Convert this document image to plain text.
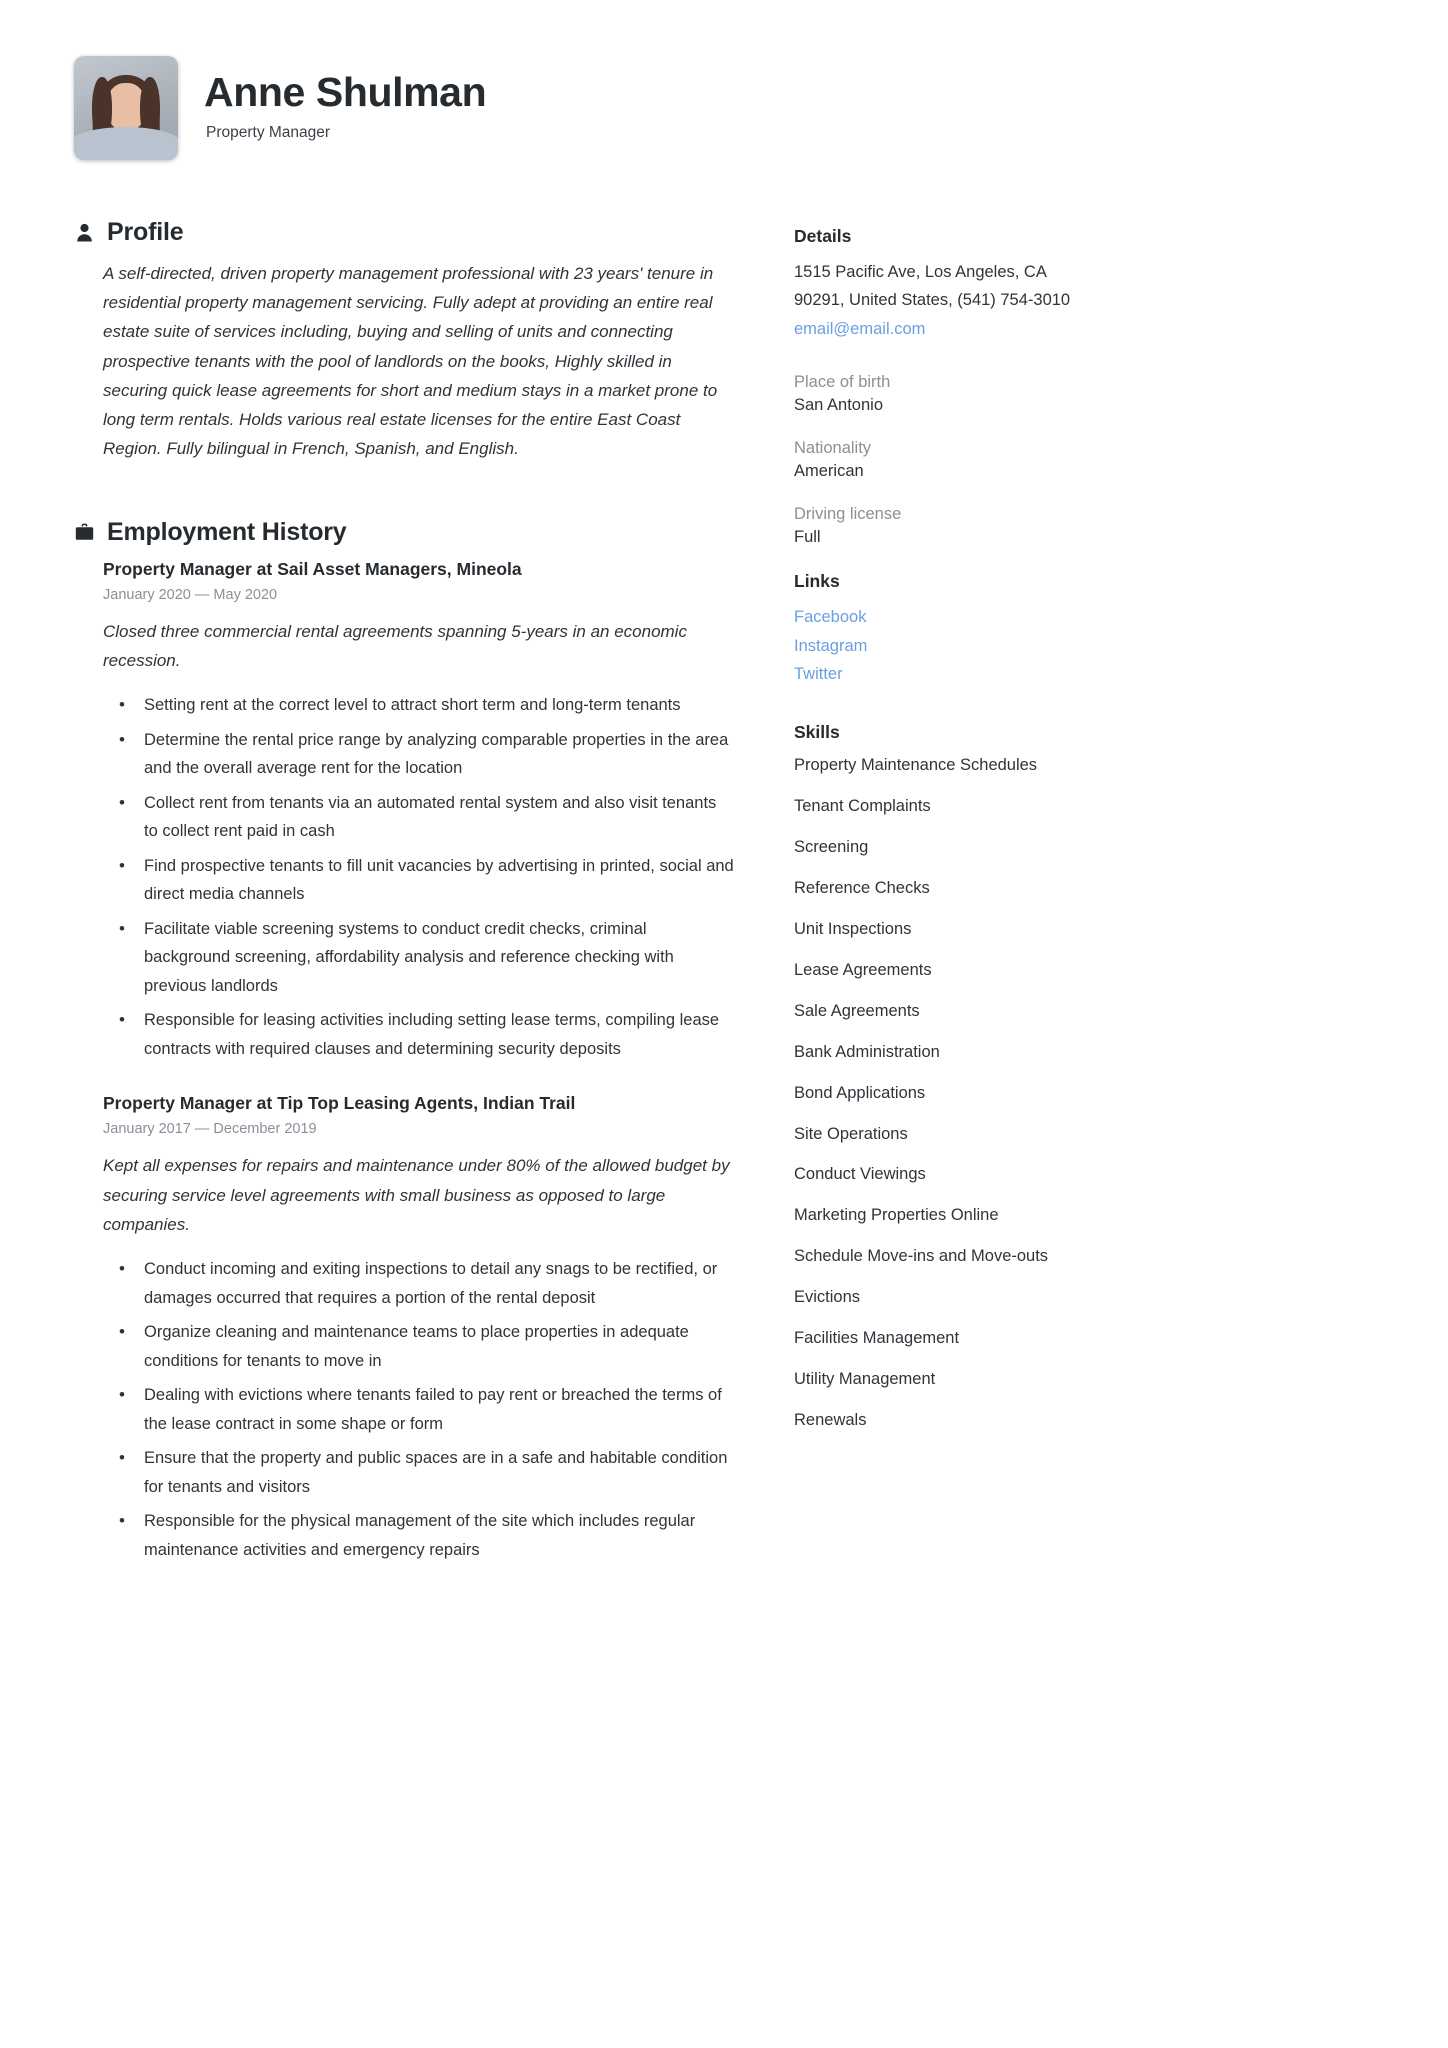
Anne Shulman
Property Manager
Profile
A self-directed, driven property management professional with 23 years' tenure in residential property management servicing. Fully adept at providing an entire real estate suite of services including, buying and selling of units and connecting prospective tenants with the pool of landlords on the books, Highly skilled in securing quick lease agreements for short and medium stays in a market prone to long term rentals. Holds various real estate licenses for the entire East Coast Region. Fully bilingual in French, Spanish, and English.
Employment History
Property Manager at Sail Asset Managers, Mineola
January 2020 — May 2020
Closed three commercial rental agreements spanning 5-years in an economic recession.
• Setting rent at the correct level to attract short term and long-term tenants
• Determine the rental price range by analyzing comparable properties in the area and the overall average rent for the location
• Collect rent from tenants via an automated rental system and also visit tenants to collect rent paid in cash
• Find prospective tenants to fill unit vacancies by advertising in printed, social and direct media channels
• Facilitate viable screening systems to conduct credit checks, criminal background screening, affordability analysis and reference checking with previous landlords
• Responsible for leasing activities including setting lease terms, compiling lease contracts with required clauses and determining security deposits
Property Manager at Tip Top Leasing Agents, Indian Trail
January 2017 — December 2019
Kept all expenses for repairs and maintenance under 80% of the allowed budget by securing service level agreements with small business as opposed to large companies.
• Conduct incoming and exiting inspections to detail any snags to be rectified, or damages occurred that requires a portion of the rental deposit
• Organize cleaning and maintenance teams to place properties in adequate conditions for tenants to move in
• Dealing with evictions where tenants failed to pay rent or breached the terms of the lease contract in some shape or form
• Ensure that the property and public spaces are in a safe and habitable condition for tenants and visitors
• Responsible for the physical management of the site which includes regular maintenance activities and emergency repairs
Details
1515 Pacific Ave, Los Angeles, CA 90291, United States, (541) 754-3010
email@email.com
Place of birth
San Antonio
Nationality
American
Driving license
Full
Links
Facebook
Instagram
Twitter
Skills
Property Maintenance Schedules
Tenant Complaints
Screening
Reference Checks
Unit Inspections
Lease Agreements
Sale Agreements
Bank Administration
Bond Applications
Site Operations
Conduct Viewings
Marketing Properties Online
Schedule Move-ins and Move-outs
Evictions
Facilities Management
Utility Management
Renewals
